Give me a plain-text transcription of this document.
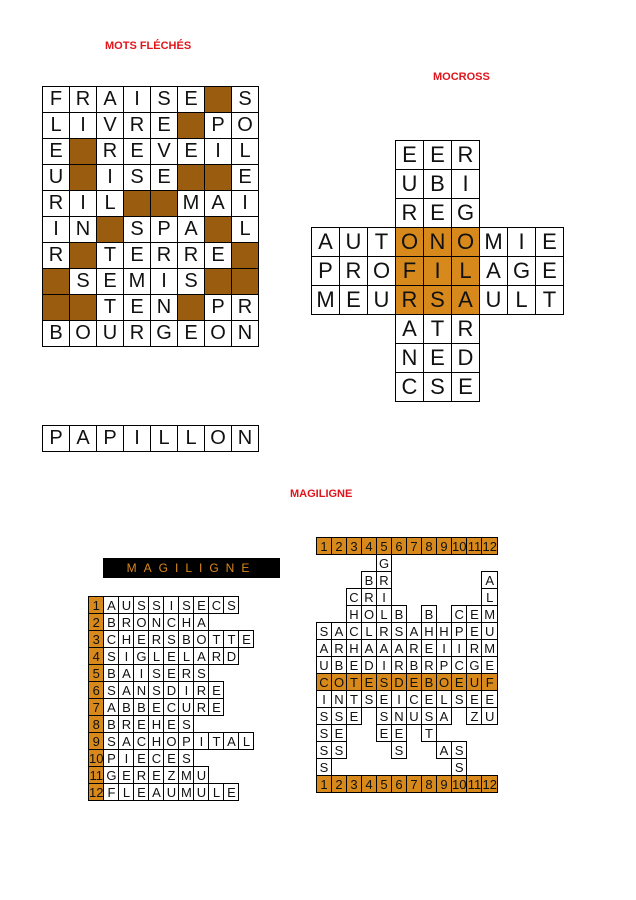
MOTS FLÉCHÉS
MOCROSS
MAGILIGNE
F	R	A	I	S	E		S
L	I	V	R	E		P	O
E		R	E	V	E	I	L
U		I	S	E			E
R	I	L			M	A	I
I	N		S	P	A		L
R		T	E	R	R	E	
	S	E	M	I	S		
		T	E	N		P	R
B	O	U	R	G	E	O	N
P	A	P	I	L	L	O	N
			E	E	R			
			U	B	I			
			R	E	G			
A	U	T	O	N	O	M	I	E
P	R	O	F	I	L	A	G	E
M	E	U	R	S	A	U	L	T
			A	T	R			
			N	E	D			
			C	S	E			
MAGILIGNE
1	A	U	S	S	I	S	E	C	S	
2	B	R	O	N	C	H	A			
3	C	H	E	R	S	B	O	T	T	E
4	S	I	G	L	E	L	A	R	D	
5	B	A	I	S	E	R	S			
6	S	A	N	S	D	I	R	E		
7	A	B	B	E	C	U	R	E		
8	B	R	E	H	E	S				
9	S	A	C	H	O	P	I	T	A	L
10	P	I	E	C	E	S				
11	G	E	R	E	Z	M	U			
12	F	L	E	A	U	M	U	L	E	
1	2	3	4	5	6	7	8	9	10	11	12
				G							
			B	R							A
		C	R	I							L
		H	O	L	B		B		C	E	M
S	A	C	L	R	S	A	H	H	P	E	U
A	R	H	A	A	A	R	E	I	I	R	M
U	B	E	D	I	R	B	R	P	C	G	E
C	O	T	E	S	D	E	B	O	E	U	F
I	N	T	S	E	I	C	E	L	S	E	E
S	S	E		S	N	U	S	A		Z	U
S	E			E	E		T				
S	S				S			A	S		
S									S		
1	2	3	4	5	6	7	8	9	10	11	12
